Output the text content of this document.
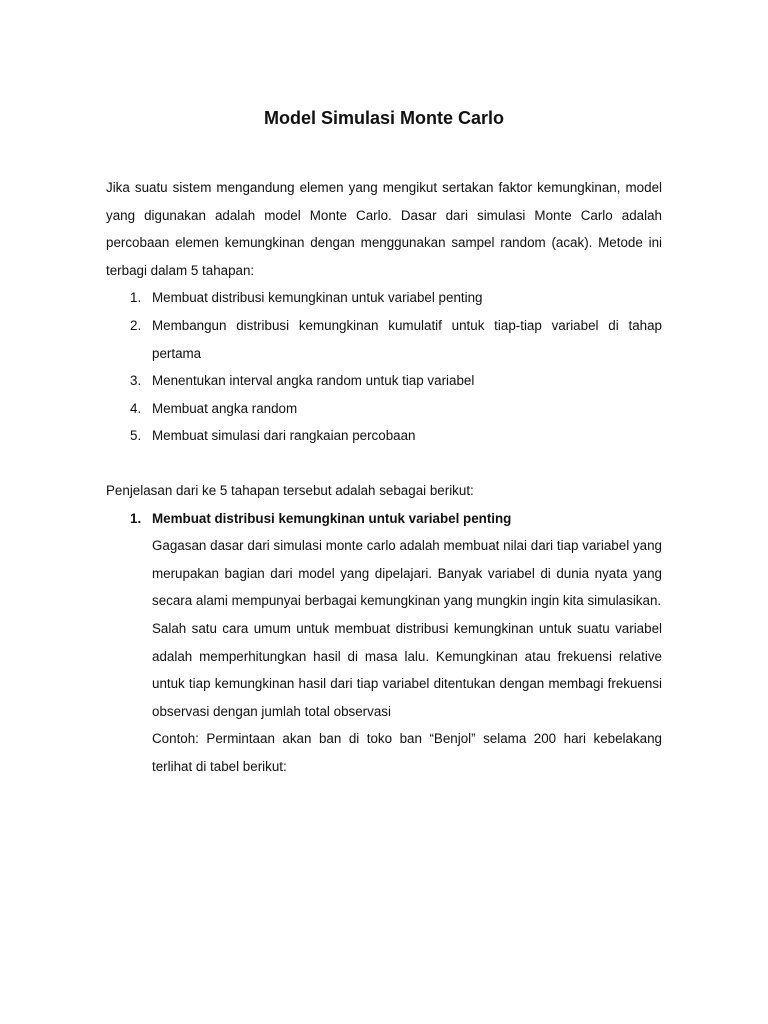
Model Simulasi Monte Carlo

Jika suatu sistem mengandung elemen yang mengikut sertakan faktor kemungkinan, model yang digunakan adalah model Monte Carlo. Dasar dari simulasi Monte Carlo adalah percobaan elemen kemungkinan dengan menggunakan sampel random (acak). Metode ini terbagi dalam 5 tahapan:

1. Membuat distribusi kemungkinan untuk variabel penting
2. Membangun distribusi kemungkinan kumulatif untuk tiap-tiap variabel di tahap pertama
3. Menentukan interval angka random untuk tiap variabel
4. Membuat angka random
5. Membuat simulasi dari rangkaian percobaan

Penjelasan dari ke 5 tahapan tersebut adalah sebagai berikut:

1. Membuat distribusi kemungkinan untuk variabel penting

Gagasan dasar dari simulasi monte carlo adalah membuat nilai dari tiap variabel yang merupakan bagian dari model yang dipelajari. Banyak variabel di dunia nyata yang secara alami mempunyai berbagai kemungkinan yang mungkin ingin kita simulasikan.

Salah satu cara umum untuk membuat distribusi kemungkinan untuk suatu variabel adalah memperhitungkan hasil di masa lalu. Kemungkinan atau frekuensi relative untuk tiap kemungkinan hasil dari tiap variabel ditentukan dengan membagi frekuensi observasi dengan jumlah total observasi

Contoh: Permintaan akan ban di toko ban “Benjol” selama 200 hari kebelakang terlihat di tabel berikut:
